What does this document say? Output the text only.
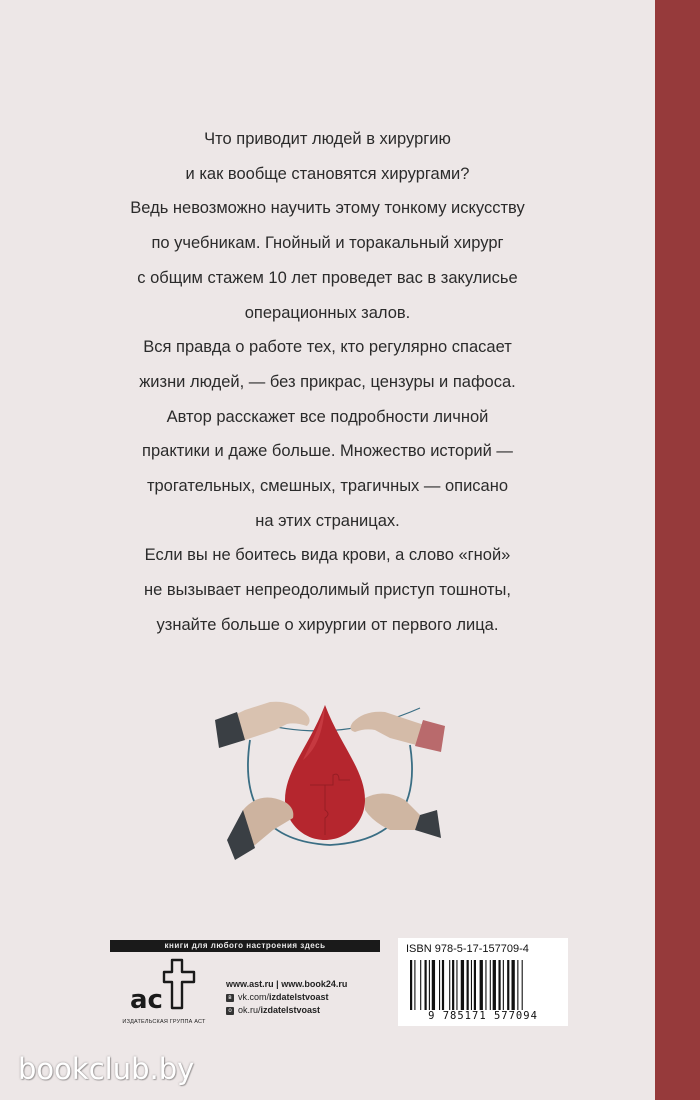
Что приводит людей в хирургию

и как вообще становятся хирургами?

Ведь невозможно научить этому тонкому искусству

по учебникам. Гнойный и торакальный хирург

с общим стажем 10 лет проведет вас в закулисье

операционных залов.

Вся правда о работе тех, кто регулярно спасает

жизни людей, — без прикрас, цензуры и пафоса.

Автор расскажет все подробности личной

практики и даже больше. Множество историй —

трогательных, смешных, трагичных — описано

на этих страницах.

Если вы не боитесь вида крови, а слово «гной»

не вызывает непреодолимый приступ тошноты,

узнайте больше о хирургии от первого лица.

книги для любого настроения здесь
ac
ИЗДАТЕЛЬСКАЯ ГРУППА АСТ
www.ast.ru | www.book24.ru
в vk.com/izdatelstvoast
о ok.ru/izdatelstvoast
ISBN 978-5-17-157709-4
9 785171 577094
bookclub.by
